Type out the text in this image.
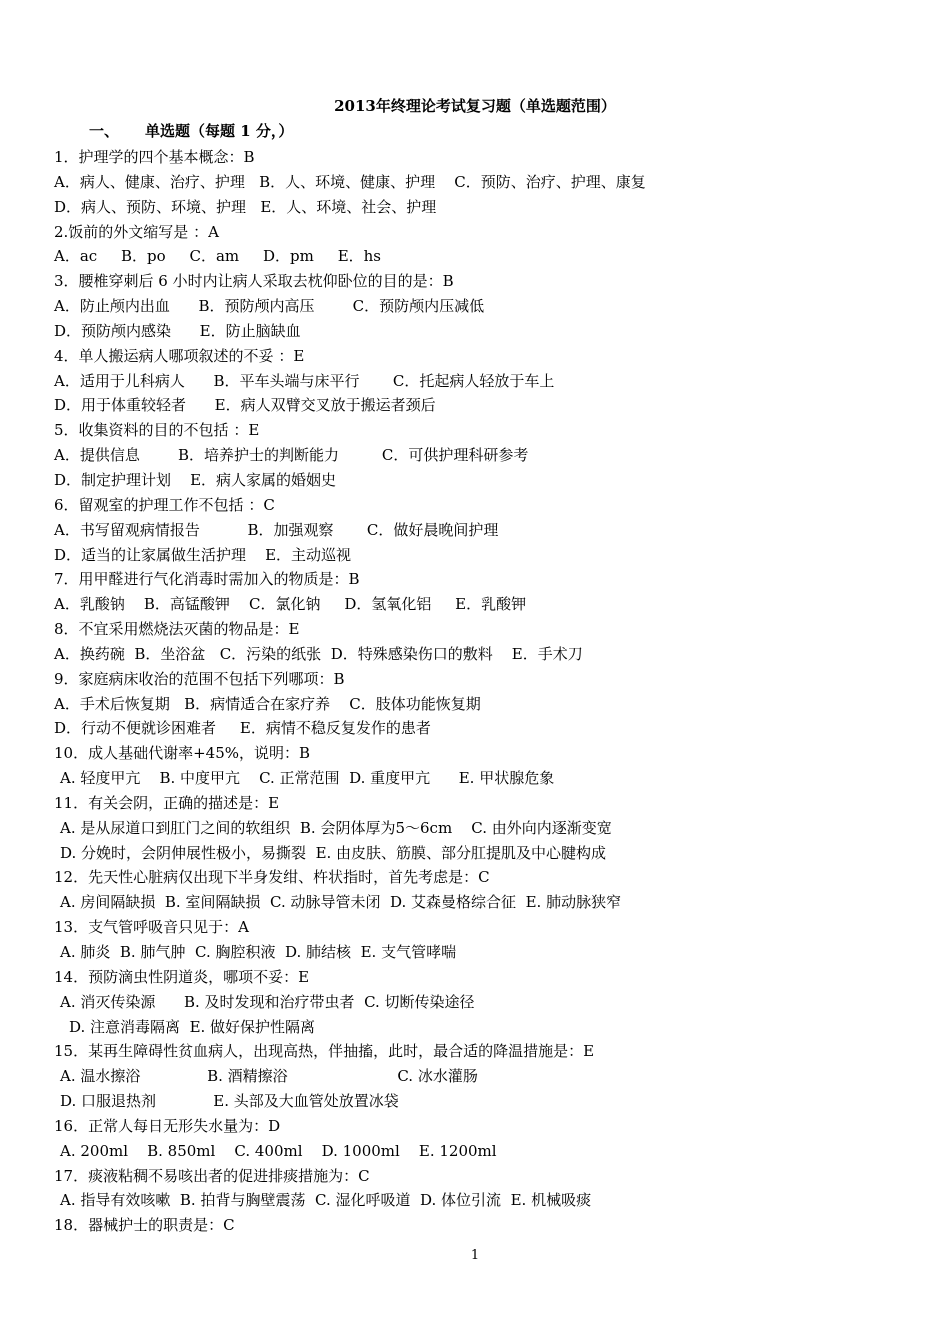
2013年终理论考试复习题（单选题范围）
一、 单选题（每题 1 分，）
1．护理学的四个基本概念：B
A．病人、健康、治疗、护理   B．人、环境、健康、护理    C．预防、治疗、护理、康复
D．病人、预防、环境、护理   E．人、环境、社会、护理
2.饭前的外文缩写是 ：A
A．ac     B．po     C．am     D．pm     E．hs
3．腰椎穿刺后 6 小时内让病人采取去枕仰卧位的目的是：B
A．防止颅内出血      B．预防颅内高压        C．预防颅内压减低
D．预防颅内感染      E．防止脑缺血
4．单人搬运病人哪项叙述的不妥 ：E
A．适用于儿科病人      B．平车头端与床平行       C．托起病人轻放于车上
D．用于体重较轻者      E．病人双臂交叉放于搬运者颈后
5．收集资料的目的不包括 ：E
A．提供信息        B．培养护士的判断能力         C．可供护理科研参考
D．制定护理计划    E．病人家属的婚姻史
6．留观室的护理工作不包括 ：C
A．书写留观病情报告          B．加强观察       C．做好晨晚间护理
D．适当的让家属做生活护理    E．主动巡视
7．用甲醛进行气化消毒时需加入的物质是：B
A．乳酸钠    B．高锰酸钾    C．氯化钠     D．氢氧化铝     E．乳酸钾
8．不宜采用燃烧法灭菌的物品是：E
A．换药碗  B．坐浴盆   C．污染的纸张  D．特殊感染伤口的敷料    E．手术刀
9．家庭病床收治的范围不包括下列哪项：B
A．手术后恢复期   B．病情适合在家疗养    C．肢体功能恢复期
D．行动不便就诊困难者     E．病情不稳反复发作的患者
10．成人基础代谢率+45%，说明：B
A. 轻度甲亢    B. 中度甲亢    C. 正常范围  D. 重度甲亢      E. 甲状腺危象
11．有关会阴，正确的描述是：E
A. 是从尿道口到肛门之间的软组织  B. 会阴体厚为5～6cm    C. 由外向内逐渐变宽
D. 分娩时，会阴伸展性极小，易撕裂  E. 由皮肤、筋膜、部分肛提肌及中心腱构成
12．先天性心脏病仅出现下半身发绀、杵状指时，首先考虑是：C
A. 房间隔缺损  B. 室间隔缺损  C. 动脉导管未闭  D. 艾森曼格综合征  E. 肺动脉狭窄
13．支气管呼吸音只见于：A
A. 肺炎  B. 肺气肿  C. 胸腔积液  D. 肺结核  E. 支气管哮喘
14．预防滴虫性阴道炎，哪项不妥：E
A. 消灭传染源      B. 及时发现和治疗带虫者  C. 切断传染途径
D. 注意消毒隔离  E. 做好保护性隔离
15．某再生障碍性贫血病人，出现高热，伴抽搐，此时，最合适的降温措施是：E
A. 温水擦浴              B. 酒精擦浴                       C. 冰水灌肠
D. 口服退热剂            E. 头部及大血管处放置冰袋
16．正常人每日无形失水量为：D
A. 200ml    B. 850ml    C. 400ml    D. 1000ml    E. 1200ml
17．痰液粘稠不易咳出者的促进排痰措施为：C
A. 指导有效咳嗽  B. 拍背与胸壁震荡  C. 湿化呼吸道  D. 体位引流  E. 机械吸痰
18．器械护士的职责是：C
1
